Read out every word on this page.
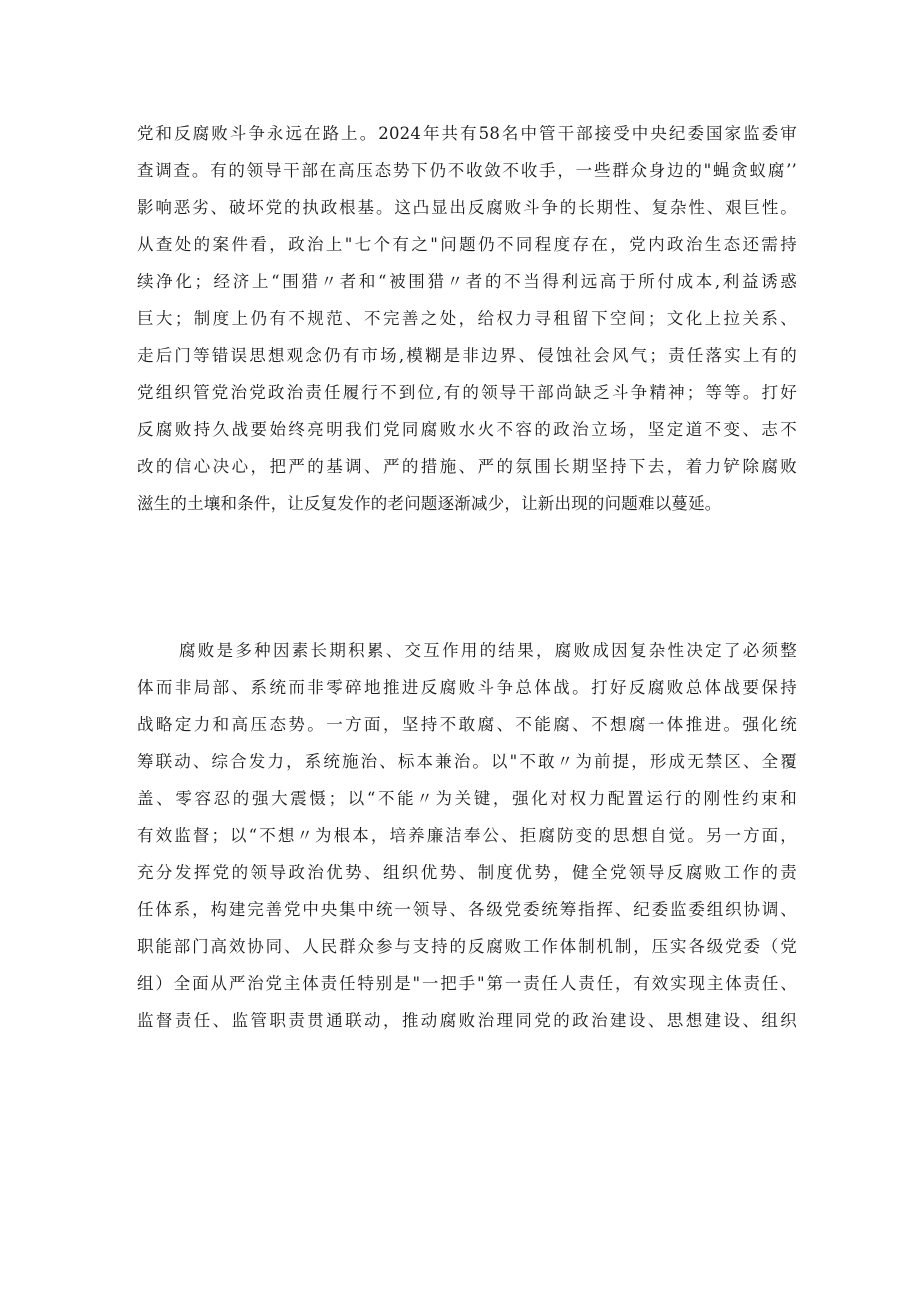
党和反腐败斗争永远在路上。2024年共有58名中管干部接受中央纪委国家监委审
查调查。有的领导干部在高压态势下仍不收敛不收手，一些群众身边的"蝇贪蚁腐’’
影响恶劣、破坏党的执政根基。这凸显出反腐败斗争的长期性、复杂性、艰巨性。
从查处的案件看，政治上"七个有之"问题仍不同程度存在，党内政治生态还需持
续净化；经济上“围猎〃者和“被围猎〃者的不当得利远高于所付成本,利益诱惑
巨大；制度上仍有不规范、不完善之处，给权力寻租留下空间；文化上拉关系、
走后门等错误思想观念仍有市场,模糊是非边界、侵蚀社会风气；责任落实上有的
党组织管党治党政治责任履行不到位,有的领导干部尚缺乏斗争精神；等等。打好
反腐败持久战要始终亮明我们党同腐败水火不容的政治立场，坚定道不变、志不
改的信心决心，把严的基调、严的措施、严的氛围长期坚持下去，着力铲除腐败
滋生的土壤和条件，让反复发作的老问题逐渐减少，让新出现的问题难以蔓延。
腐败是多种因素长期积累、交互作用的结果，腐败成因复杂性决定了必须整
体而非局部、系统而非零碎地推进反腐败斗争总体战。打好反腐败总体战要保持
战略定力和高压态势。一方面，坚持不敢腐、不能腐、不想腐一体推进。强化统
筹联动、综合发力，系统施治、标本兼治。以"不敢〃为前提，形成无禁区、全覆
盖、零容忍的强大震慑；以“不能〃为关键，强化对权力配置运行的刚性约束和
有效监督；以“不想〃为根本，培养廉洁奉公、拒腐防变的思想自觉。另一方面，
充分发挥党的领导政治优势、组织优势、制度优势，健全党领导反腐败工作的责
任体系，构建完善党中央集中统一领导、各级党委统筹指挥、纪委监委组织协调、
职能部门高效协同、人民群众参与支持的反腐败工作体制机制，压实各级党委（党
组）全面从严治党主体责任特别是"一把手"第一责任人责任，有效实现主体责任、
监督责任、监管职责贯通联动，推动腐败治理同党的政治建设、思想建设、组织
